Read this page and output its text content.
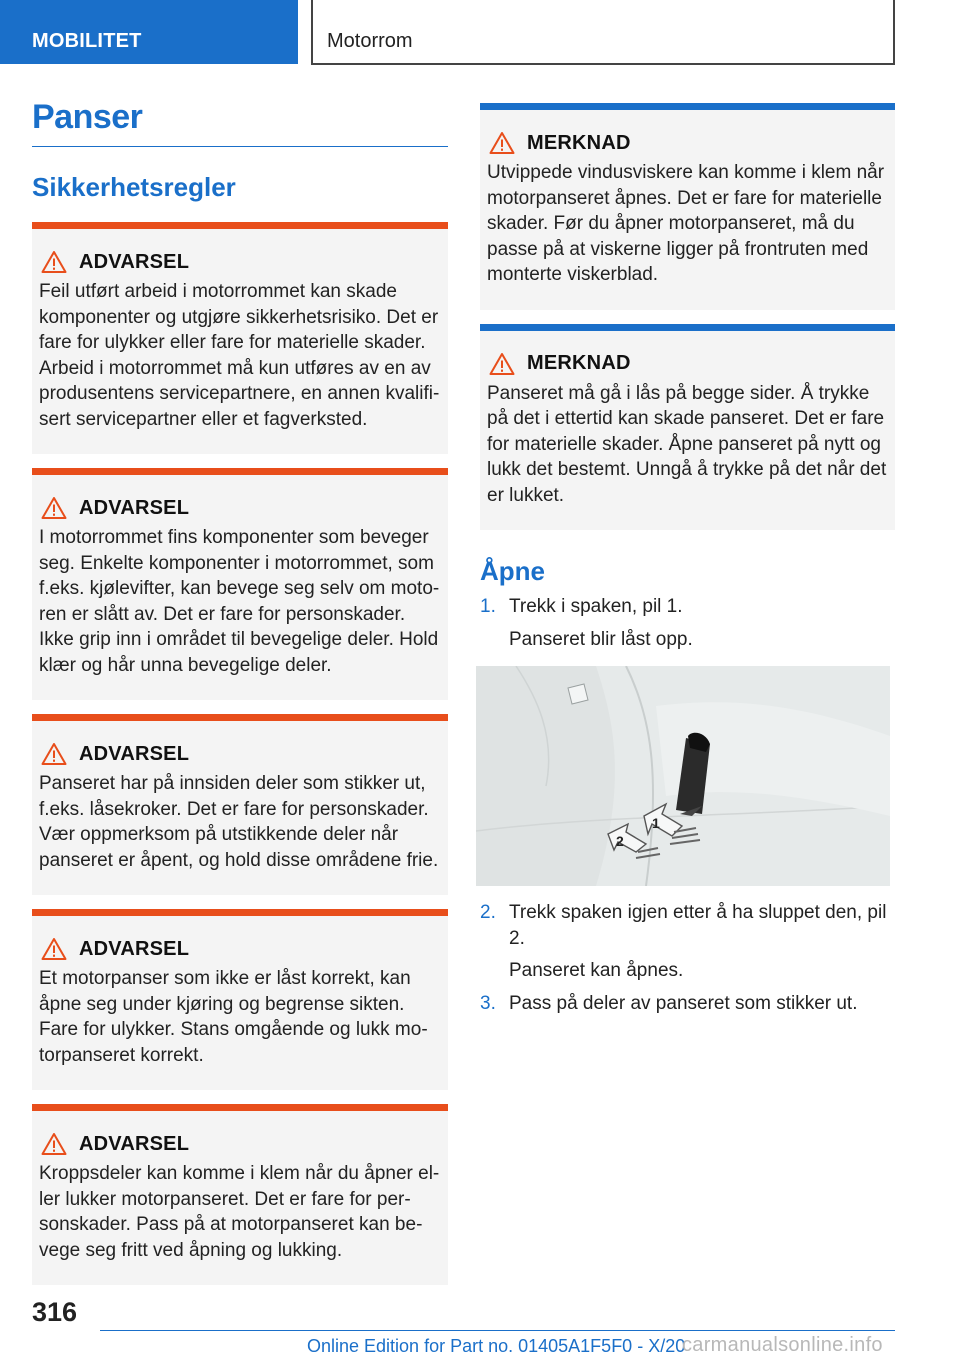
MOBILITET	Motorrom
Panser
Sikkerhetsregler
ADVARSEL
Feil utført arbeid i motorrommet kan skade komponenter og utgjøre sikkerhetsrisiko. Det er fare for ulykker eller fare for materielle skader. Arbeid i motorrommet må kun utføres av en av produsentens servicepartnere, en annen kvalifisert servicepartner eller et fagverksted.
ADVARSEL
I motorrommet fins komponenter som beveger seg. Enkelte komponenter i motorrommet, som f.eks. kjølevifter, kan bevege seg selv om motoren er slått av. Det er fare for personskader. Ikke grip inn i området til bevegelige deler. Hold klær og hår unna bevegelige deler.
ADVARSEL
Panseret har på innsiden deler som stikker ut, f.eks. låsekroker. Det er fare for personskader. Vær oppmerksom på utstikkende deler når panseret er åpent, og hold disse områdene frie.
ADVARSEL
Et motorpanser som ikke er låst korrekt, kan åpne seg under kjøring og begrense sikten. Fare for ulykker. Stans omgående og lukk motorpanseret korrekt.
ADVARSEL
Kroppsdeler kan komme i klem når du åpner eller lukker motorpanseret. Det er fare for personskader. Pass på at motorpanseret kan bevege seg fritt ved åpning og lukking.
MERKNAD
Utvippede vindusviskere kan komme i klem når motorpanseret åpnes. Det er fare for materielle skader. Før du åpner motorpanseret, må du passe på at viskerne ligger på frontruten med monterte viskerblad.
MERKNAD
Panseret må gå i lås på begge sider. Å trykke på det i ettertid kan skade panseret. Det er fare for materielle skader. Åpne panseret på nytt og lukk det bestemt. Unngå å trykke på det når det er lukket.
Åpne
1. Trekk i spaken, pil 1.
Panseret blir låst opp.
1
2
2. Trekk spaken igjen etter å ha sluppet den, pil 2.
Panseret kan åpnes.
3. Pass på deler av panseret som stikker ut.
316
Online Edition for Part no. 01405A1F5F0 - X/20
carmanualsonline.info
